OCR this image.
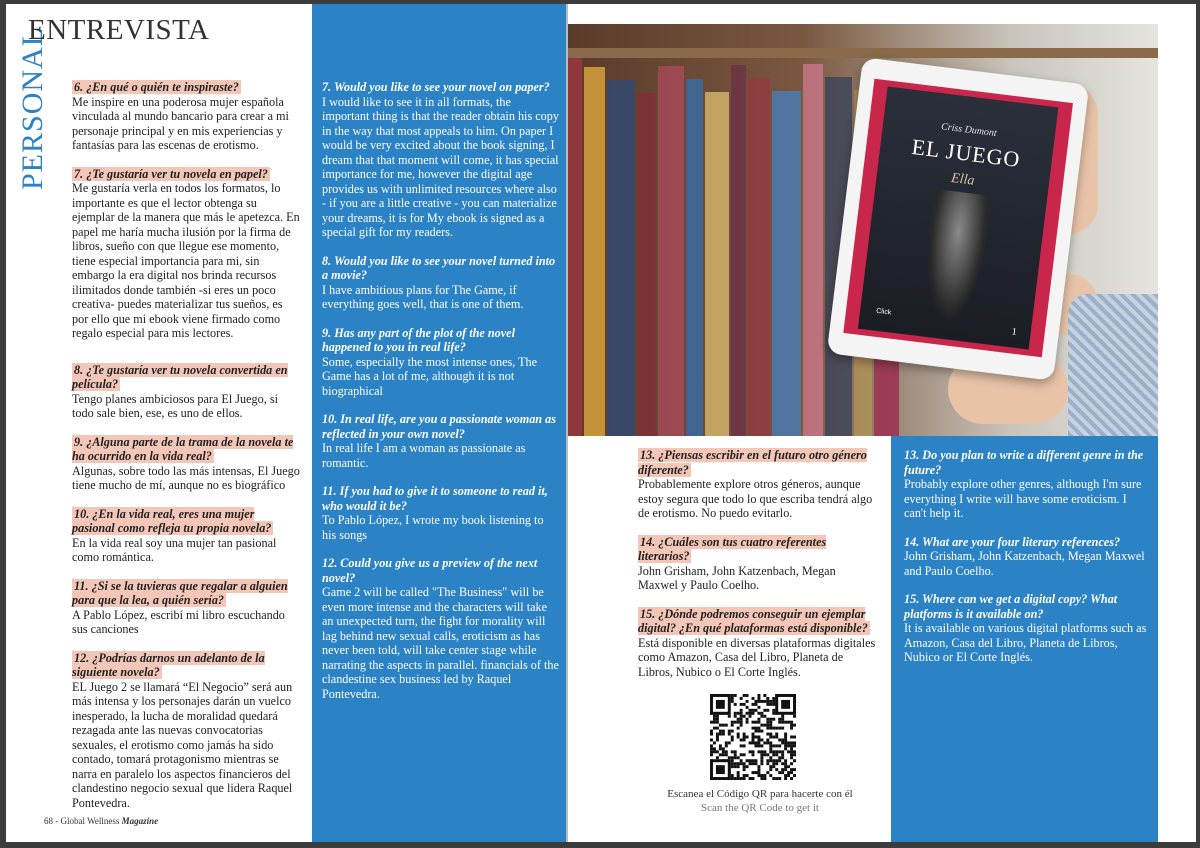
PERSONAL
ENTREVISTA
6. ¿En qué o quién te inspiraste?
Me inspire en una poderosa mujer española vinculada al mundo bancario para crear a mi personaje principal y en mis experiencias y fantasías para las escenas de erotismo.
7. ¿Te gustaría ver tu novela en papel?
Me gustaría verla en todos los formatos, lo importante es que el lector obtenga su ejemplar de la manera que más le apetezca. En papel me haría mucha ilusión por la firma de libros, sueño con que llegue ese momento, tiene especial importancia para mi, sin embargo la era digital nos brinda recursos ilimitados donde también -si eres un poco creativa- puedes materializar tus sueños, es por ello que mi ebook viene firmado como regalo especial para mis lectores.
8. ¿Te gustaría ver tu novela convertida en película?
Tengo planes ambiciosos para El Juego, si todo sale bien, ese, es uno de ellos.
9. ¿Alguna parte de la trama de la novela te ha ocurrido en la vida real?
Algunas, sobre todo las más intensas, El Juego tiene mucho de mí, aunque no es biográfico
10. ¿En la vida real, eres una mujer pasional como refleja tu propia novela?
En la vida real soy una mujer tan pasional como romántica.
11. ¿Si se la tuvieras que regalar a alguien para que la lea, a quién sería?
A Pablo López, escribí mi libro escuchando sus canciones
12. ¿Podrías darnos un adelanto de la siguiente novela?
EL Juego 2 se llamará “El Negocio” será aun más intensa y los personajes darán un vuelco inesperado, la lucha de moralidad quedará rezagada ante las nuevas convocatorias sexuales, el erotismo como jamás ha sido contado, tomará protagonismo mientras se narra en paralelo los aspectos financieros del clandestino negocio sexual que lidera Raquel Pontevedra.
7. Would you like to see your novel on paper?
I would like to see it in all formats, the important thing is that the reader obtain his copy in the way that most appeals to him. On paper I would be very excited about the book signing, I dream that that moment will come, it has special importance for me, however the digital age provides us with unlimited resources where also - if you are a little creative - you can materialize your dreams, it is for My ebook is signed as a special gift for my readers.
8. Would you like to see your novel turned into a movie?
I have ambitious plans for The Game, if everything goes well, that is one of them.
9. Has any part of the plot of the novel happened to you in real life?
Some, especially the most intense ones, The Game has a lot of me, although it is not biographical
10. In real life, are you a passionate woman as reflected in your own novel?
In real life I am a woman as passionate as romantic.
11. If you had to give it to someone to read it, who would it be?
To Pablo López, I wrote my book listening to his songs
12. Could you give us a preview of the next novel?
Game 2 will be called "The Business" will be even more intense and the characters will take an unexpected turn, the fight for morality will lag behind new sexual calls, eroticism as has never been told, will take center stage while narrating the aspects in parallel. financials of the clandestine sex business led by Raquel Pontevedra.
13. ¿Piensas escribir en el futuro otro género diferente?
Probablemente explore otros géneros, aunque estoy segura que todo lo que escriba tendrá algo de erotismo. No puedo evitarlo.
14. ¿Cuáles son tus cuatro referentes literarios?
John Grisham, John Katzenbach, Megan Maxwel y Paulo Coelho.
15. ¿Dónde podremos conseguir un ejemplar digital? ¿En qué plataformas está disponible?
Está disponible en diversas plataformas digitales como Amazon, Casa del Libro, Planeta de Libros, Nubico o El Corte Inglés.
13. Do you plan to write a different genre in the future?
Probably explore other genres, although I'm sure everything I write will have some eroticism. I can't help it.
14. What are your four literary references?
John Grisham, John Katzenbach, Megan Maxwel and Paulo Coelho.
15. Where can we get a digital copy? What platforms is it available on?
It is available on various digital platforms such as Amazon, Casa del Libro, Planeta de Libros, Nubico or El Corte Inglés.
68 - Global Wellness Magazine
Criss Dumont
EL JUEGO
Ella
Click
1
Escanea el Código QR para hacerte con él
Scan the QR Code to get it
